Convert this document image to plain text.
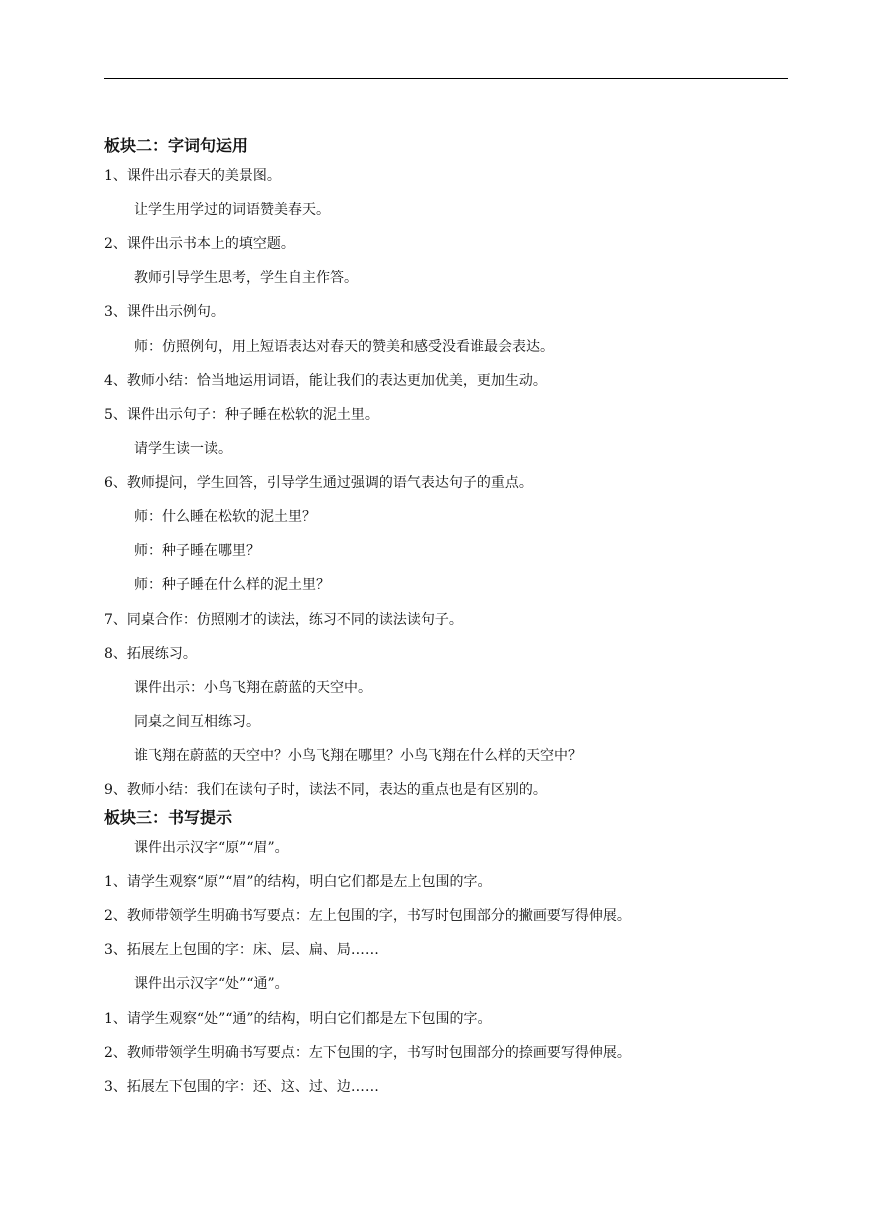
板块二：字词句运用
1、课件出示春天的美景图。
让学生用学过的词语赞美春天。
2、课件出示书本上的填空题。
教师引导学生思考，学生自主作答。
3、课件出示例句。
师：仿照例句，用上短语表达对春天的赞美和感受没看谁最会表达。
4、教师小结：恰当地运用词语，能让我们的表达更加优美，更加生动。
5、课件出示句子：种子睡在松软的泥土里。
请学生读一读。
6、教师提问，学生回答，引导学生通过强调的语气表达句子的重点。
师：什么睡在松软的泥土里？
师：种子睡在哪里？
师：种子睡在什么样的泥土里？
7、同桌合作：仿照刚才的读法，练习不同的读法读句子。
8、拓展练习。
课件出示：小鸟飞翔在蔚蓝的天空中。
同桌之间互相练习。
谁飞翔在蔚蓝的天空中？小鸟飞翔在哪里？小鸟飞翔在什么样的天空中？
9、教师小结：我们在读句子时，读法不同，表达的重点也是有区别的。
板块三：书写提示
课件出示汉字“原”“眉”。
1、请学生观察“原”“眉”的结构，明白它们都是左上包围的字。
2、教师带领学生明确书写要点：左上包围的字，书写时包围部分的撇画要写得伸展。
3、拓展左上包围的字：床、层、扁、局……
课件出示汉字“处”“通”。
1、请学生观察“处”“通”的结构，明白它们都是左下包围的字。
2、教师带领学生明确书写要点：左下包围的字，书写时包围部分的捺画要写得伸展。
3、拓展左下包围的字：还、这、过、边……
